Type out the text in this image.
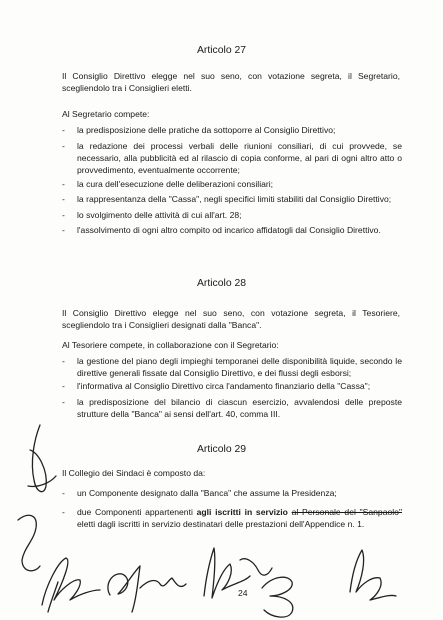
Articolo 27
Il Consiglio Direttivo elegge nel suo seno, con votazione segreta, il Segretario, scegliendolo tra i Consiglieri eletti.
Al Segretario compete:
-	la predisposizione delle pratiche da sottoporre al Consiglio Direttivo;
-	la redazione dei processi verbali delle riunioni consiliari, di cui provvede, se necessario, alla pubblicità ed al rilascio di copia conforme, al pari di ogni altro atto o provvedimento, eventualmente occorrente;
-	la cura dell'esecuzione delle deliberazioni consiliari;
-	la rappresentanza della "Cassa", negli specifici limiti stabiliti dal Consiglio Direttivo;
-	lo svolgimento delle attività di cui all'art. 28;
-	l'assolvimento di ogni altro compito od incarico affidatogli dal Consiglio Direttivo.
Articolo 28
Il Consiglio Direttivo elegge nel suo seno, con votazione segreta, il Tesoriere, scegliendolo tra i Consiglieri designati dalla "Banca".
Al Tesoriere compete, in collaborazione con il Segretario:
-	la gestione del piano degli impieghi temporanei delle disponibilità liquide, secondo le direttive generali fissate dal Consiglio Direttivo, e dei flussi degli esborsi;
-	l'informativa al Consiglio Direttivo circa l'andamento finanziario della "Cassa";
-	la predisposizione del bilancio di ciascun esercizio, avvalendosi delle preposte strutture della "Banca" ai sensi dell'art. 40, comma III.
Articolo 29
Il Collegio dei Sindaci è composto da:
-	un Componente designato dalla "Banca" che assume la Presidenza;
-	due Componenti appartenenti agli iscritti in servizio al Personale del "Sanpaolo" eletti dagli iscritti in servizio destinatari delle prestazioni dell'Appendice n. 1.
24
